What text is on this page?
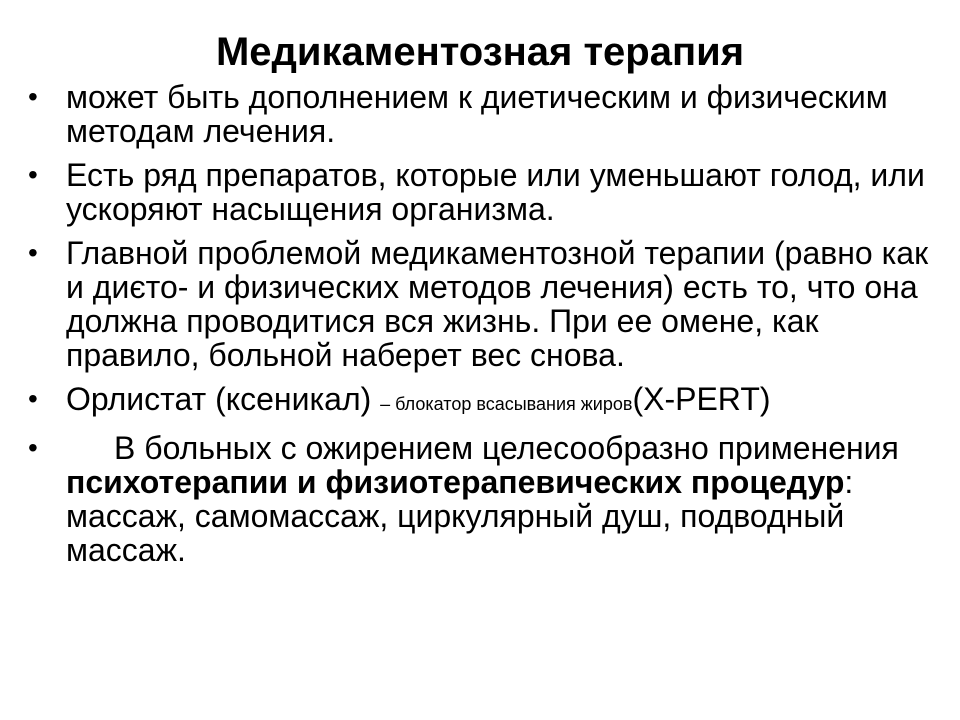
Медикаментозная терапия
• может быть дополнением к диетическим и физическим методам лечения.
• Есть ряд препаратов, которые или уменьшают голод, или ускоряют насыщения организма.
• Главной проблемой медикаментозной терапии (равно как и диєто- и физических методов лечения) есть то, что она должна проводитися вся жизнь. При ее омене, как правило, больной наберет вес снова.
• Орлистат (ксеникал) – блокатор всасывания жиров(X-PERT)
• В больных с ожирением целесообразно применения психотерапии и физиотерапевических процедур: массаж, самомассаж, циркулярный душ, подводный массаж.
